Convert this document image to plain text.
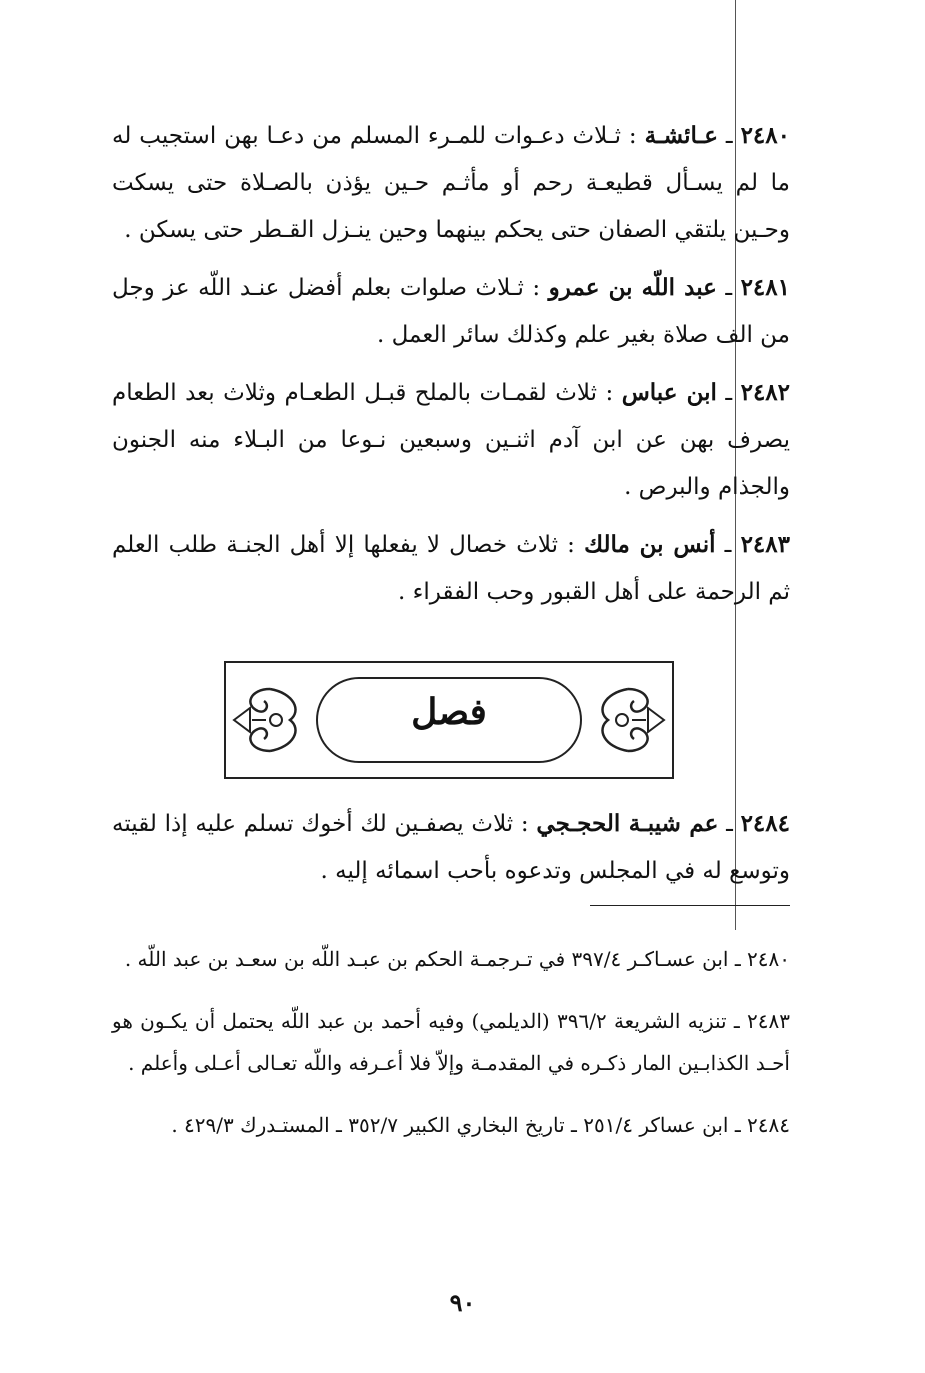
٢٤٨٠ ـ عـائشـة : ثـلاث دعـوات للمـرء المسلم من دعـا بهن استجيب له ما لم يسـأل قطيعـة رحم أو مأثـم حـين يؤذن بالصـلاة حتى يسكت وحـين يلتقي الصفان حتى يحكم بينهما وحين ينـزل القـطر حتى يسكن .

٢٤٨١ ـ عبد اللّه بن عمرو : ثـلاث صلوات بعلم أفضل عنـد اللّه عز وجل من الف صلاة بغير علم وكذلك سائر العمل .

٢٤٨٢ ـ ابن عباس : ثلاث لقمـات بالملح قبـل الطعـام وثلاث بعد الطعام يصرف بهن عن ابن آدم اثنـين وسبعين نـوعا من البـلاء منه الجنون والجذام والبرص .

٢٤٨٣ ـ أنس بن مالك : ثلاث خصال لا يفعلها إلا أهل الجنـة طلب العلم ثم الرحمة على أهل القبور وحب الفقراء .

فصل

٢٤٨٤ ـ عم شيبـة الحجـجي : ثلاث يصفـين لك أخوك تسلم عليه إذا لقيته وتوسع له في المجلس وتدعوه بأحب اسمائه إليه .

٢٤٨٠ ـ ابن عسـاكـر ٣٩٧/٤ في تـرجمـة الحكم بن عبـد اللّه بن سعـد بن عبد اللّه .

٢٤٨٣ ـ تنزيه الشريعة ٣٩٦/٢ (الديلمي) وفيه أحمد بن عبد اللّه يحتمل أن يكـون هو أحـد الكذابـين المار ذكـره في المقدمـة وإلاّ فلا أعـرفه واللّه تعـالى أعـلى وأعلم .

٢٤٨٤ ـ ابن عساكر ٢٥١/٤ ـ تاريخ البخاري الكبير ٣٥٢/٧ ـ المستـدرك ٤٢٩/٣ .

٩٠
